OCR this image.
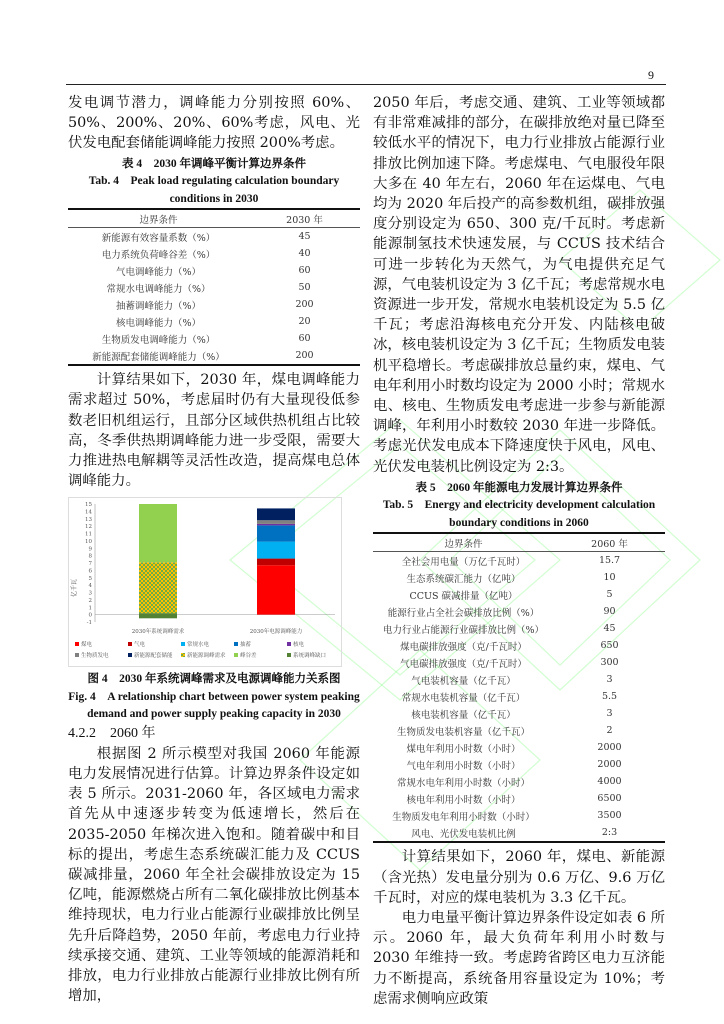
9

发电调节潜力，调峰能力分别按照 60%、50%、200%、20%、60%考虑，风电、光伏发电配套储能调峰能力按照 200%考虑。

表 4　2030 年调峰平衡计算边界条件
Tab. 4　Peak load regulating calculation boundary conditions in 2030
边界条件	2030 年
新能源有效容量系数（%）	45
电力系统负荷峰谷差（%）	40
气电调峰能力（%）	60
常规水电调峰能力（%）	50
抽蓄调峰能力（%）	200
核电调峰能力（%）	20
生物质发电调峰能力（%）	60
新能源配套储能调峰能力（%）	200

计算结果如下，2030 年，煤电调峰能力需求超过 50%，考虑届时仍有大量现役低参数老旧机组运行，且部分区域供热机组占比较高，冬季供热期调峰能力进一步受限，需要大力推进热电解耦等灵活性改造，提高煤电总体调峰能力。

-1
0
1
2
3
4
5
6
7
8
9
10
11
12
13
14
15
亿千瓦
2030年系统调峰需求	2030年电源调峰能力
煤电	气电	常规水电	抽蓄	核电
生物质发电	新能源配套储能	新能源调峰需求	峰谷差	系统调峰缺口
图 4　2030 年系统调峰需求及电源调峰能力关系图
Fig. 4　A relationship chart between power system peaking demand and power supply peaking capacity in 2030

4.2.2　2060 年

根据图 2 所示模型对我国 2060 年能源电力发展情况进行估算。计算边界条件设定如表 5 所示。2031-2060 年，各区域电力需求首先从中速逐步转变为低速增长，然后在 2035-2050 年梯次进入饱和。随着碳中和目标的提出，考虑生态系统碳汇能力及 CCUS 碳减排量，2060 年全社会碳排放设定为 15 亿吨，能源燃烧占所有二氧化碳排放比例基本维持现状，电力行业占能源行业碳排放比例呈先升后降趋势，2050 年前，考虑电力行业持续承接交通、建筑、工业等领域的能源消耗和排放，电力行业排放占能源行业排放比例有所增加，

2050 年后，考虑交通、建筑、工业等领域都有非常难减排的部分，在碳排放绝对量已降至较低水平的情况下，电力行业排放占能源行业排放比例加速下降。考虑煤电、气电服役年限大多在 40 年左右，2060 年在运煤电、气电均为 2020 年后投产的高参数机组，碳排放强度分别设定为 650、300 克/千瓦时。考虑新能源制氢技术快速发展，与 CCUS 技术结合可进一步转化为天然气，为气电提供充足气源，气电装机设定为 3 亿千瓦；考虑常规水电资源进一步开发，常规水电装机设定为 5.5 亿千瓦；考虑沿海核电充分开发、内陆核电破冰，核电装机设定为 3 亿千瓦；生物质发电装机平稳增长。考虑碳排放总量约束，煤电、气电年利用小时数均设定为 2000 小时；常规水电、核电、生物质发电考虑进一步参与新能源调峰，年利用小时数较 2030 年进一步降低。考虑光伏发电成本下降速度快于风电，风电、光伏发电装机比例设定为 2:3。

表 5　2060 年能源电力发展计算边界条件
Tab. 5　Energy and electricity development calculation boundary conditions in 2060
边界条件	2060 年
全社会用电量（万亿千瓦时）	15.7
生态系统碳汇能力（亿吨）	10
CCUS 碳减排量（亿吨）	5
能源行业占全社会碳排放比例（%）	90
电力行业占能源行业碳排放比例（%）	45
煤电碳排放强度（克/千瓦时）	650
气电碳排放强度（克/千瓦时）	300
气电装机容量（亿千瓦）	3
常规水电装机容量（亿千瓦）	5.5
核电装机容量（亿千瓦）	3
生物质发电装机容量（亿千瓦）	2
煤电年利用小时数（小时）	2000
气电年利用小时数（小时）	2000
常规水电年利用小时数（小时）	4000
核电年利用小时数（小时）	6500
生物质发电年利用小时数（小时）	3500
风电、光伏发电装机比例	2:3

计算结果如下，2060 年，煤电、新能源（含光热）发电量分别为 0.6 万亿、9.6 万亿千瓦时，对应的煤电装机为 3.3 亿千瓦。

电力电量平衡计算边界条件设定如表 6 所示。2060 年，最大负荷年利用小时数与 2030 年维持一致。考虑跨省跨区电力互济能力不断提高，系统备用容量设定为 10%；考虑需求侧响应政策
